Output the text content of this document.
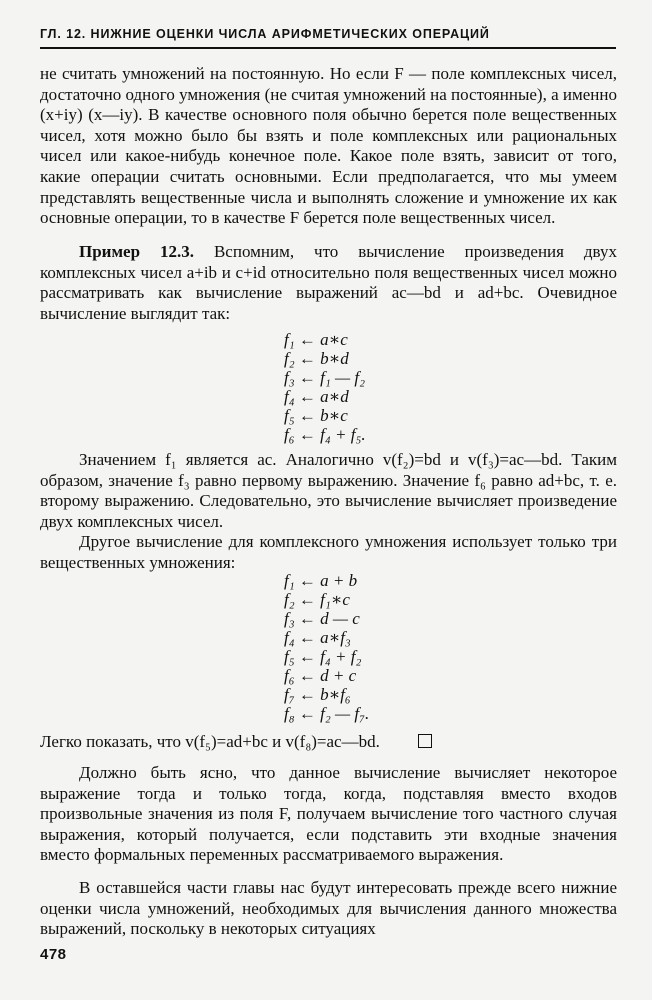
ГЛ. 12. НИЖНИЕ ОЦЕНКИ ЧИСЛА АРИФМЕТИЧЕСКИХ ОПЕРАЦИЙ
не считать умножений на постоянную. Но если F — поле комплексных чисел, достаточно одного умножения (не считая умножений на постоянные), а именно (x+iy) (x—iy). В качестве основного поля обычно берется поле вещественных чисел, хотя можно было бы взять и поле комплексных или рациональных чисел или какое-нибудь конечное поле. Какое поле взять, зависит от того, какие операции считать основными. Если предполагается, что мы умеем представлять вещественные числа и выполнять сложение и умножение их как основные операции, то в качестве F берется поле вещественных чисел.
Пример 12.3. Вспомним, что вычисление произведения двух комплексных чисел a+ib и c+id относительно поля вещественных чисел можно рассматривать как вычисление выражений ac—bd и ad+bc. Очевидное вычисление выглядит так:
f₁ ← a∗c
f₂ ← b∗d
f₃ ← f₁ — f₂
f₄ ← a∗d
f₅ ← b∗c
f₆ ← f₄ + f₅.
Значением f₁ является ac. Аналогично v(f₂)=bd и v(f₃)=ac—bd. Таким образом, значение f₃ равно первому выражению. Значение f₆ равно ad+bc, т. е. второму выражению. Следовательно, это вычисление вычисляет произведение двух комплексных чисел.
Другое вычисление для комплексного умножения использует только три вещественных умножения:
f₁ ← a + b
f₂ ← f₁∗c
f₃ ← d — c
f₄ ← a∗f₃
f₅ ← f₄ + f₂
f₆ ← d + c
f₇ ← b∗f₆
f₈ ← f₂ — f₇.
Легко показать, что v(f₅)=ad+bc и v(f₈)=ac—bd.
Должно быть ясно, что данное вычисление вычисляет некоторое выражение тогда и только тогда, когда, подставляя вместо входов произвольные значения из поля F, получаем вычисление того частного случая выражения, который получается, если подставить эти входные значения вместо формальных переменных рассматриваемого выражения.
В оставшейся части главы нас будут интересовать прежде всего нижние оценки числа умножений, необходимых для вычисления данного множества выражений, поскольку в некоторых ситуациях
478
